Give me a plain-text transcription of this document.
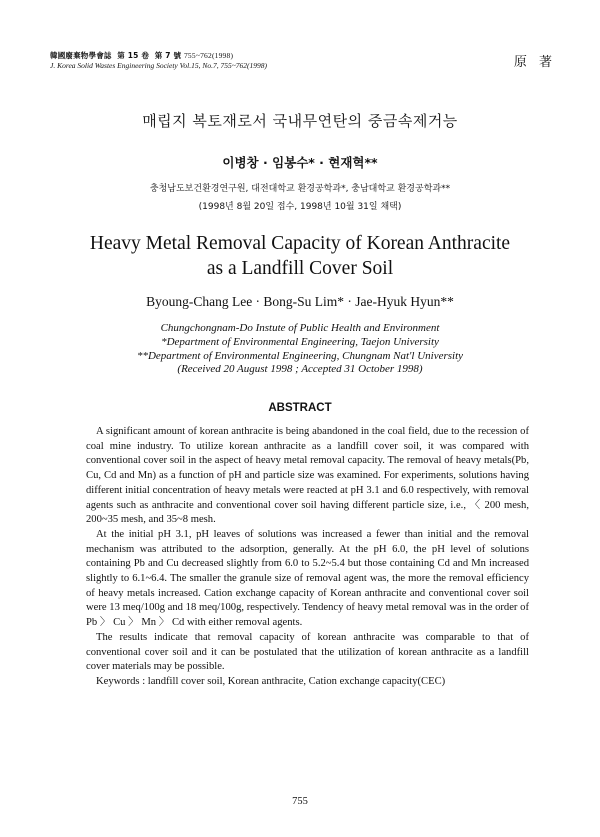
韓國廢棄物學會誌 第 15 卷 第 7 號 755~762(1998)
J. Korea Solid Wastes Engineering Society Vol.15, No.7, 755~762(1998)	原 著
매립지 복토재로서 국내무연탄의 중금속제거능
이병창 · 임봉수* · 현재혁**
충청남도보건환경연구원, 대전대학교 환경공학과*, 충남대학교 환경공학과**
(1998년 8월 20일 접수, 1998년 10월 31일 채택)
Heavy Metal Removal Capacity of Korean Anthracite
as a Landfill Cover Soil
Byoung-Chang Lee · Bong-Su Lim* · Jae-Hyuk Hyun**
Chungchongnam-Do Instute of Public Health and Environment
*Department of Environmental Engineering, Taejon University
**Department of Environmental Engineering, Chungnam Nat'l University
(Received 20 August 1998 ; Accepted 31 October 1998)
ABSTRACT

A significant amount of korean anthracite is being abandoned in the coal field, due to the recession of coal mine industry. To utilize korean anthracite as a landfill cover soil, it was compared with conventional cover soil in the aspect of heavy metal removal capacity. The removal of heavy metals(Pb, Cu, Cd and Mn) as a function of pH and particle size was examined. For experiments, solutions having different initial concentration of heavy metals were reacted at pH 3.1 and 6.0 respectively, with removal agents such as anthracite and conventional cover soil having different particle size, i.e., 〈 200 mesh, 200~35 mesh, and 35~8 mesh.

At the initial pH 3.1, pH leaves of solutions was increased a fewer than initial and the removal mechanism was attributed to the adsorption, generally. At the pH 6.0, the pH level of solutions containing Pb and Cu decreased slightly from 6.0 to 5.2~5.4 but those containing Cd and Mn increased slightly to 6.1~6.4. The smaller the granule size of removal agent was, the more the removal efficiency of heavy metals increased. Cation exchange capacity of Korean anthracite and conventional cover soil were 13 meq/100g and 18 meq/100g, respectively. Tendency of heavy metal removal was in the order of Pb 〉 Cu 〉 Mn 〉 Cd with either removal agents.

The results indicate that removal capacity of korean anthracite was comparable to that of conventional cover soil and it can be postulated that the utilization of korean anthracite as a landfill cover materials may be possible.

Keywords : landfill cover soil, Korean anthracite, Cation exchange capacity(CEC)

755
